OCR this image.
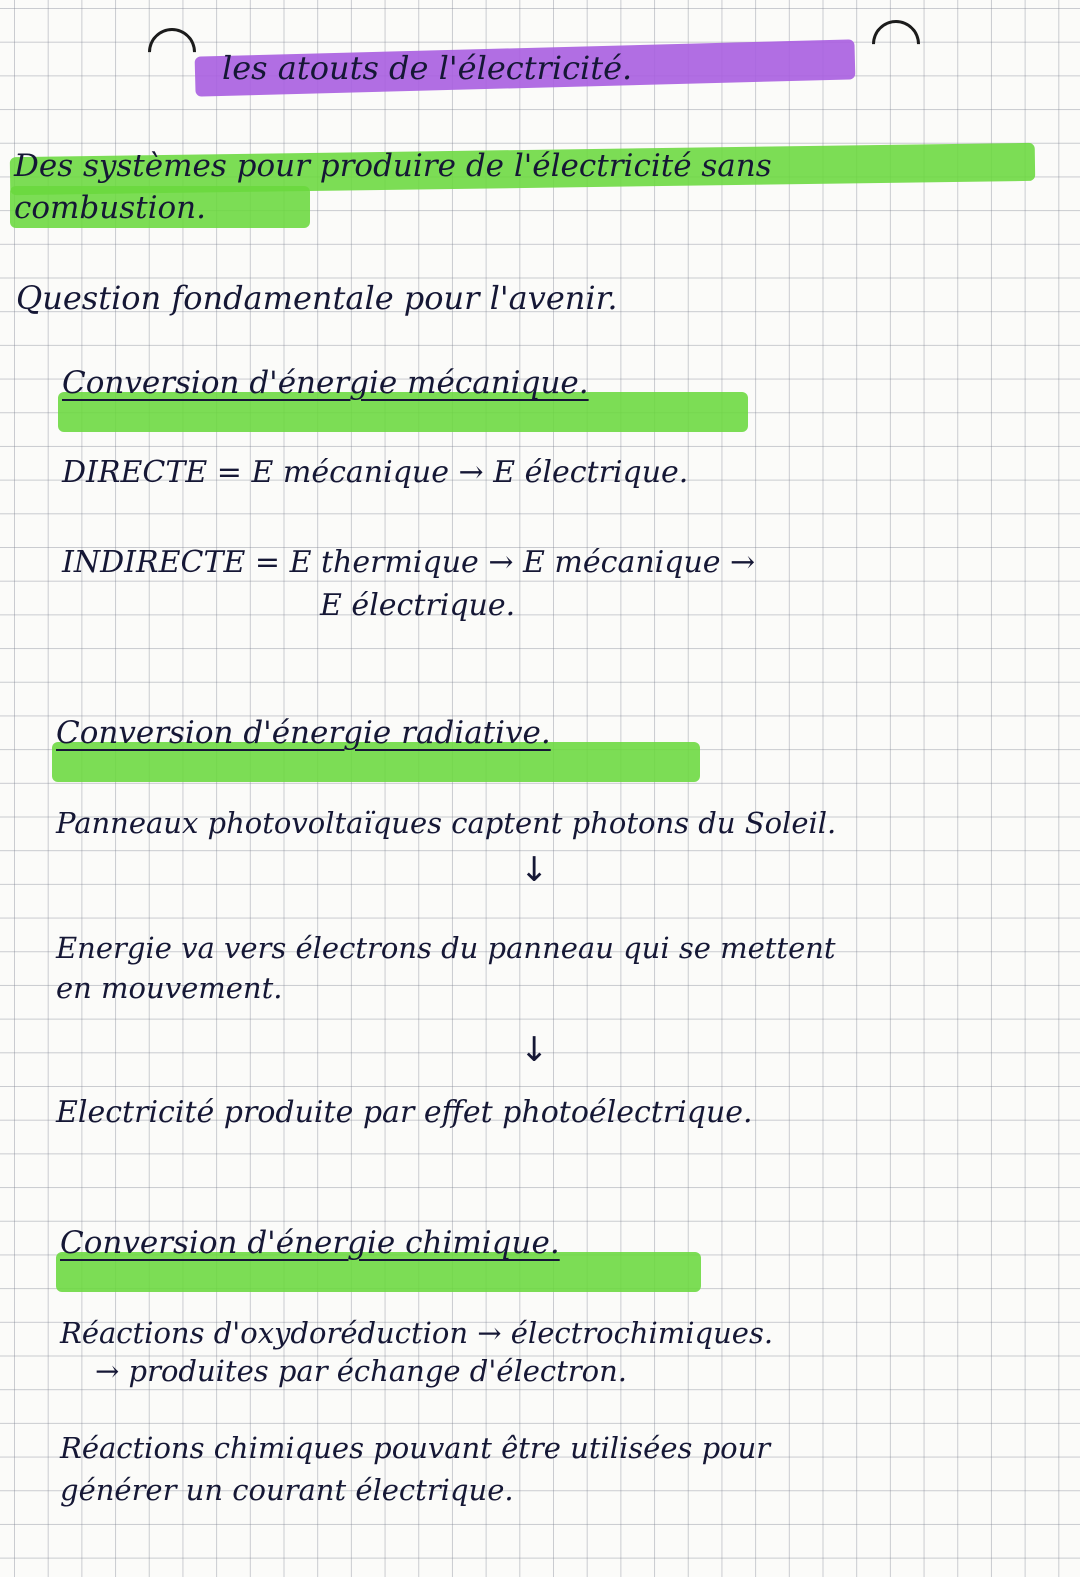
les atouts de l'électricité.
Des systèmes pour produire de l'électricité sans
combustion.
Question fondamentale pour l'avenir.
Conversion d'énergie mécanique.
DIRECTE = E mécanique → E électrique.
INDIRECTE = E thermique → E mécanique →
E électrique.
Conversion d'énergie radiative.
Panneaux photovoltaïques captent photons du Soleil.
↓
Energie va vers électrons du panneau qui se mettent
en mouvement.
↓
Electricité produite par effet photoélectrique.
Conversion d'énergie chimique.
Réactions d'oxydoréduction → électrochimiques.
→ produites par échange d'électron.
Réactions chimiques pouvant être utilisées pour
générer un courant électrique.
